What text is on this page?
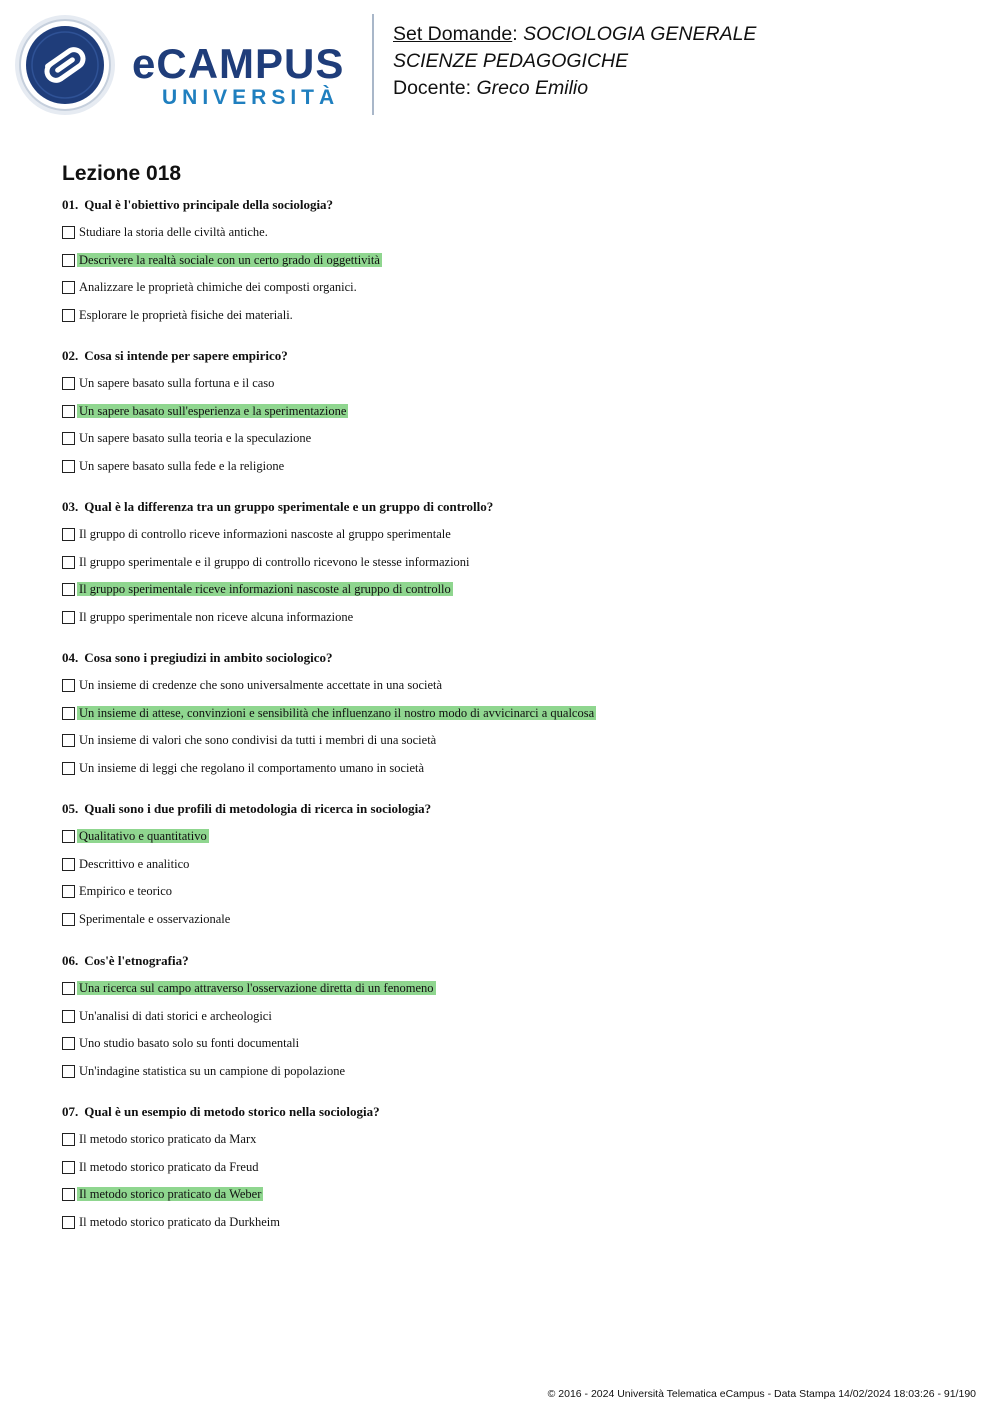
eCAMPUS
UNIVERSITÀ
Set Domande: SOCIOLOGIA GENERALE
SCIENZE PEDAGOGICHE
Docente: Greco Emilio
Lezione 018
01. Qual è l'obiettivo principale della sociologia?
Studiare la storia delle civiltà antiche.
Descrivere la realtà sociale con un certo grado di oggettività
Analizzare le proprietà chimiche dei composti organici.
Esplorare le proprietà fisiche dei materiali.
02. Cosa si intende per sapere empirico?
Un sapere basato sulla fortuna e il caso
Un sapere basato sull'esperienza e la sperimentazione
Un sapere basato sulla teoria e la speculazione
Un sapere basato sulla fede e la religione
03. Qual è la differenza tra un gruppo sperimentale e un gruppo di controllo?
Il gruppo di controllo riceve informazioni nascoste al gruppo sperimentale
Il gruppo sperimentale e il gruppo di controllo ricevono le stesse informazioni
Il gruppo sperimentale riceve informazioni nascoste al gruppo di controllo
Il gruppo sperimentale non riceve alcuna informazione
04. Cosa sono i pregiudizi in ambito sociologico?
Un insieme di credenze che sono universalmente accettate in una società
Un insieme di attese, convinzioni e sensibilità che influenzano il nostro modo di avvicinarci a qualcosa
Un insieme di valori che sono condivisi da tutti i membri di una società
Un insieme di leggi che regolano il comportamento umano in società
05. Quali sono i due profili di metodologia di ricerca in sociologia?
Qualitativo e quantitativo
Descrittivo e analitico
Empirico e teorico
Sperimentale e osservazionale
06. Cos'è l'etnografia?
Una ricerca sul campo attraverso l'osservazione diretta di un fenomeno
Un'analisi di dati storici e archeologici
Uno studio basato solo su fonti documentali
Un'indagine statistica su un campione di popolazione
07. Qual è un esempio di metodo storico nella sociologia?
Il metodo storico praticato da Marx
Il metodo storico praticato da Freud
Il metodo storico praticato da Weber
Il metodo storico praticato da Durkheim
© 2016 - 2024 Università Telematica eCampus - Data Stampa 14/02/2024 18:03:26 - 91/190
